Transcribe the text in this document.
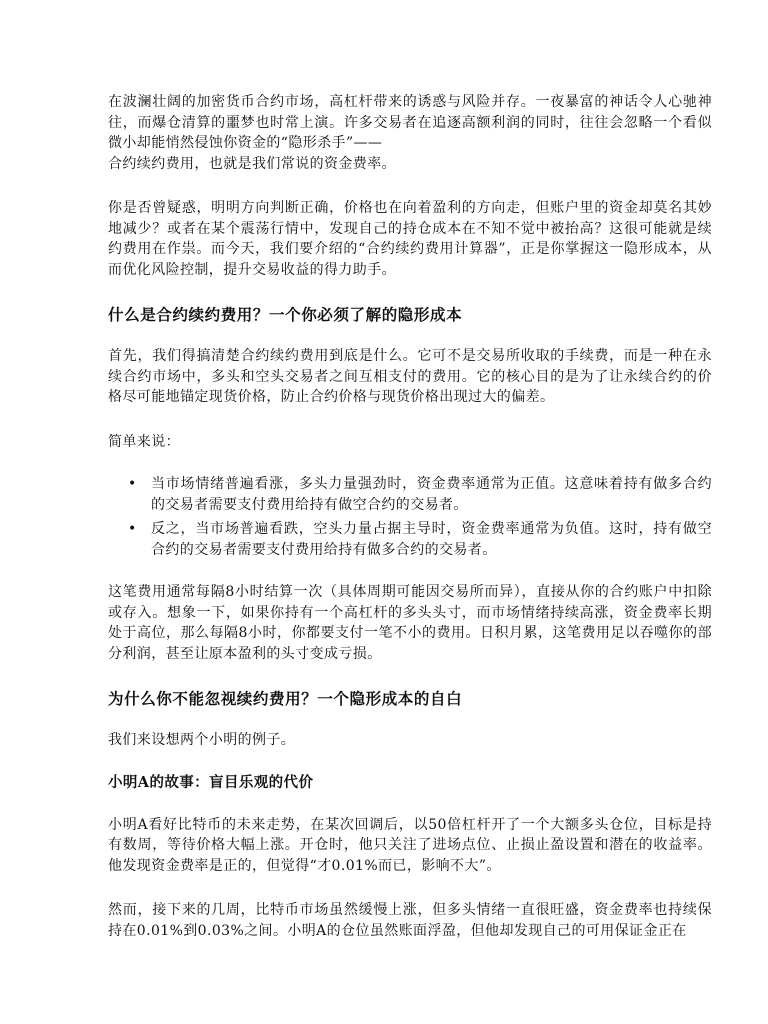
在波澜壮阔的加密货币合约市场，高杠杆带来的诱惑与风险并存。一夜暴富的神话令人心驰神往，而爆仓清算的噩梦也时常上演。许多交易者在追逐高额利润的同时，往往会忽略一个看似微小却能悄然侵蚀你资金的“隐形杀手”——
合约续约费用，也就是我们常说的资金费率。

你是否曾疑惑，明明方向判断正确，价格也在向着盈利的方向走，但账户里的资金却莫名其妙地减少？或者在某个震荡行情中，发现自己的持仓成本在不知不觉中被抬高？这很可能就是续约费用在作祟。而今天，我们要介绍的“合约续约费用计算器”，正是你掌握这一隐形成本，从而优化风险控制，提升交易收益的得力助手。

什么是合约续约费用？一个你必须了解的隐形成本

首先，我们得搞清楚合约续约费用到底是什么。它可不是交易所收取的手续费，而是一种在永续合约市场中，多头和空头交易者之间互相支付的费用。它的核心目的是为了让永续合约的价格尽可能地锚定现货价格，防止合约价格与现货价格出现过大的偏差。

简单来说：

• 当市场情绪普遍看涨，多头力量强劲时，资金费率通常为正值。这意味着持有做多合约的交易者需要支付费用给持有做空合约的交易者。
• 反之，当市场普遍看跌，空头力量占据主导时，资金费率通常为负值。这时，持有做空合约的交易者需要支付费用给持有做多合约的交易者。

这笔费用通常每隔8小时结算一次（具体周期可能因交易所而异），直接从你的合约账户中扣除或存入。想象一下，如果你持有一个高杠杆的多头头寸，而市场情绪持续高涨，资金费率长期处于高位，那么每隔8小时，你都要支付一笔不小的费用。日积月累，这笔费用足以吞噬你的部分利润，甚至让原本盈利的头寸变成亏损。

为什么你不能忽视续约费用？一个隐形成本的自白

我们来设想两个小明的例子。

小明A的故事：盲目乐观的代价

小明A看好比特币的未来走势，在某次回调后，以50倍杠杆开了一个大额多头仓位，目标是持有数周，等待价格大幅上涨。开仓时，他只关注了进场点位、止损止盈设置和潜在的收益率。他发现资金费率是正的，但觉得“才0.01%而已，影响不大”。

然而，接下来的几周，比特币市场虽然缓慢上涨，但多头情绪一直很旺盛，资金费率也持续保持在0.01%到0.03%之间。小明A的仓位虽然账面浮盈，但他却发现自己的可用保证金正在
